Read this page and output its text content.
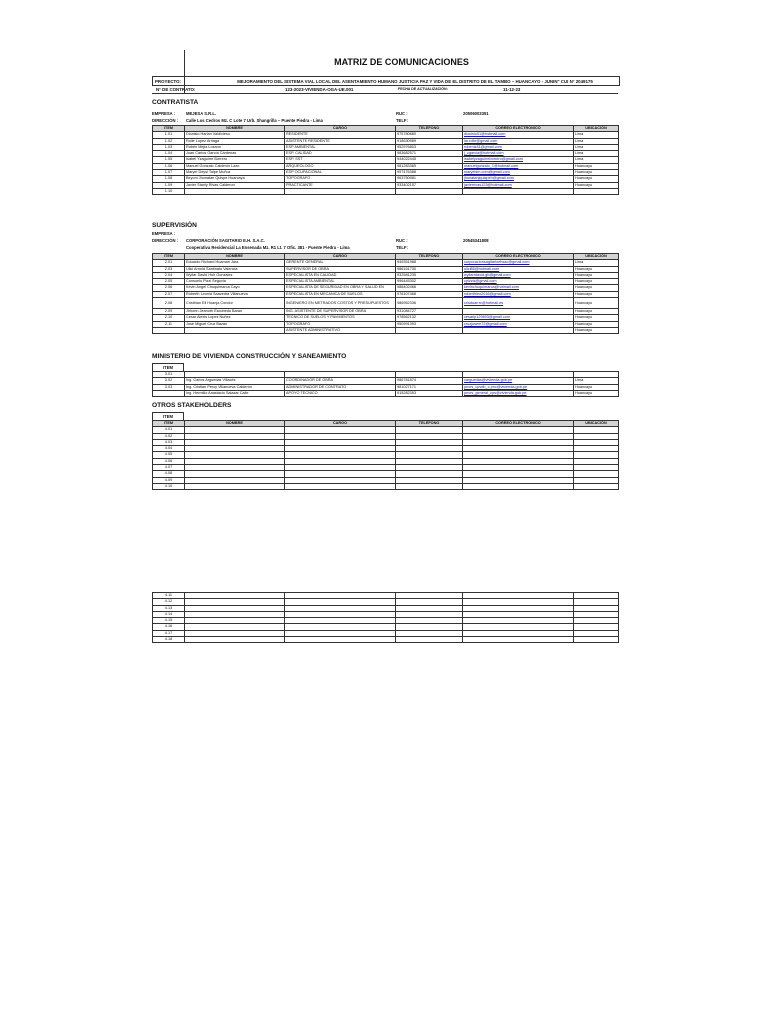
MATRIZ DE COMUNICACIONES
PROYECTO:	MEJORAMIENTO DEL SISTEMA VIAL LOCAL DEL ASENTAMIENTO HUMANO JUSTICIA PAZ Y VIDA DE EL DISTRITO DE EL TAMBO – HUANCAYO - JUNIN" CUI N° 2049175
N° DE CONTRATO:	123-2023-VIVIENDA-OGA-UE.001	FECHA DE ACTUALIZACIÓN:	11-12-23
CONTRATISTA
EMPRESA :	MEJESA S.R.L.	RUC :	20506003351
DIRECCIÓN : Calle Los Cedros Mz. C Lote 7 Urb. Shangrilla – Puente Piedra - Lima	TELF:
ITEM	NOMBRE	CARGO	TELÉFONO	CORREO ELECTRONICO	UBICACIÓN
1.01	Dionisio Harlan Valdivieso	RESIDENTE	975780880	dionisio01@hotmail.com	Lima
1.02	Rolie Lopez Arriaga	ASISTENTE RESIDENTE	918630989	lar.rolie@gmail.com	Lima
1.03	Rubén Mejia Lozano	ESP AMBIENTAL	952976803	rubenlz81@gmail.com	Lima
1.04	Juan Carlos García Cárdenas	ESP. CALIDAD	983682571	j_cgarcia@hotmail.com	Lima
1.05	Isabel Yzaguirre Borrero	ESP. SST	944022445	isabelyzaguirreborrero@gmail.com	Lima
1.06	Manuel Gonzalo Calderón Lazo	ARQUEOLOGO	981283385	manuelgonzalo_1@hotmail.com	Huancayo
1.07	Maryel Deysi Taipe Muñoz	ESP OCUPACIONAL	997476388	maryelsm.com@gmail.com	Huancayo
1.08	Beyoni Jhonatan Quispe Huarcaya	TOPOGRAFO	963750981	jhonatanjquispeh@gmail.com	Huancayo
1.09	Javier Stanly Rivas Calderon	PRACTICANTE	933402157	javierrivas123@hotmail.com	Huancayo
1.10					
SUPERVISIÓN
EMPRESA :
DIRECCIÓN : CORPORACIÓN SAGITARIO E.H. S.A.C.	RUC :	20545341808
Cooperativa Residencial La Ensenada Mz. R1 Lt. 7 Ofic. 381 - Puente Piedra - Lima	TELF:
ITEM	NOMBRE	CARGO	TELÉFONO	CORREO ELECTRONICO	UBICACIÓN
2.01	Eduardo Richard Huaman Jara	GERENTE GENERAL	949351988	corporacionsagitarioehsac@gmail.com	Lima
2.03	Ulici Arnold Santinato Valencia	SUPERVISOR DE OBRA	986161730	ulici85@hotmail.com	Huancayo
2.04	Wyllar David Huir Gonzales	ESPECIALISTA EN CALIDAD	932581235	wyllarrdavid.gh@gmail.com	Huancayo
2.05	Consuelo Pizzi Segovia	ESPECIALISTA AMBIENTAL	996445302	cpizzis@gmail.com	Huancayo
2.06	Kevin Angel Chuquimarca Cayo	ESPECIALISTA DE SEGURIDAD EN OBRA Y SALUD EN	988402466	kevinchuquimarca@hotmail.com	Huancayo
2.07	Roberth Leonid Saavedra Villanueva	ESPECIALISTA EN MECANICA DE SUELOS	976107468	roberthleo2016@gmail.com	Huancayo
2.08	Cristhian Eli Huanja Condor	INGENIERO EN METRADOS COSTOS Y PRESUPUESTOS	986952336	crisduarrrc@hotmail.es	Huancayo
2.09	Jhhonn Jeanoth Escobedo Baran	ING. ASISTENTE DE SUPERVISOR DE OBRA	931084727		Huancayo
2.10	Cesar Alexis Lopez Nuñez	TECNICO DE SUELOS Y PAVIMENTOS	978562132	cesarlp129693@gmail.com	Huancayo
2.11	José Miguel Cruz Bazán	TOPOGRAFO	950991393	cruzjosem72@gmail.com	Huancayo
		ASISTENTE ADMINISTRATIVO			Huancayo
MINISTERIO DE VIVIENDA CONSTRUCCIÓN Y SANEAMIENTO
ITEM
3.01					
3.02	Ing. Carlos Arguedas Villacés	COORDINADOR DE OBRA	986781874	carguedas@vivienda.gob.pe	Lima
3.03	Ing. Cristian Percy Villanueva Calderón	ADMINISTRADOR DE CONTRATO	981027171	pnvrs_cpvdb_c.pnc@vivienda.gob.pe	Huancayo
	Ing. Hermilio Anastacio Salazar Calle	APOYO TECNICO	915282353	pnvrs_general_cps@vivienda.gob.pe	Huancayo
OTROS STAKEHOLDERS
ITEM
ITEM	NOMBRE	CARGO	TELÉFONO	CORREO ELECTRONICO	UBICACIÓN
4.01					
4.02					
4.03					
4.04					
4.05					
4.06					
4.07					
4.08					
4.09					
4.10					
4.11					
4.12					
4.13					
4.14					
4.15					
4.16					
4.17					
4.18					
